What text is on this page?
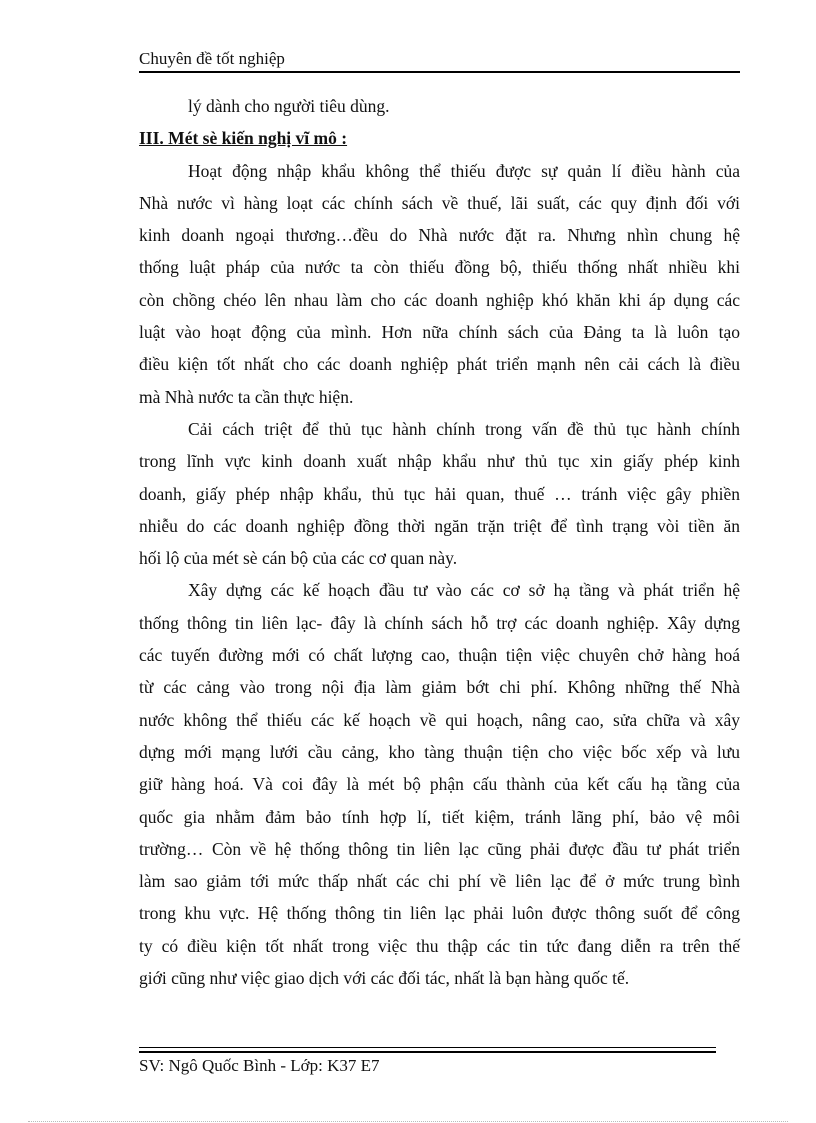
Chuyên đề tốt nghiệp
lý dành cho người tiêu dùng.
III. Mét sè kiến nghị vĩ mô :
Hoạt động nhập khẩu không thể thiếu được sự quản lí điều hành của
Nhà nước vì hàng loạt các chính sách về thuế, lãi suất, các quy định đối với
kinh doanh ngoại thương…đều do Nhà nước đặt ra. Nhưng nhìn chung hệ
thống luật pháp của nước ta còn thiếu đồng bộ, thiếu thống nhất nhiều khi
còn chồng chéo lên nhau làm cho các doanh nghiệp khó khăn khi áp dụng các
luật vào hoạt động của mình. Hơn nữa chính sách của Đảng ta là luôn tạo
điều kiện tốt nhất cho các doanh nghiệp phát triển mạnh nên cải cách là điều
mà Nhà nước ta cần thực hiện.
Cải cách triệt để thủ tục hành chính trong vấn đề thủ tục hành chính
trong lĩnh vực kinh doanh xuất nhập khẩu như thủ tục xin giấy phép kinh
doanh, giấy phép nhập khẩu, thủ tục hải quan, thuế … tránh việc gây phiền
nhiễu do các doanh nghiệp đồng thời ngăn trặn triệt để tình trạng vòi tiền ăn
hối lộ của mét sè cán bộ của các cơ quan này.
Xây dựng các kế hoạch đầu tư vào các cơ sở hạ tầng và phát triển hệ
thống thông tin liên lạc- đây là chính sách hỗ trợ các doanh nghiệp. Xây dựng
các tuyến đường mới có chất lượng cao, thuận tiện việc chuyên chở hàng hoá
từ các cảng vào trong nội địa làm giảm bớt chi phí. Không những thế Nhà
nước không thể thiếu các kế hoạch về qui hoạch, nâng cao, sửa chữa và xây
dựng mới mạng lưới cầu cảng, kho tàng thuận tiện cho việc bốc xếp và lưu
giữ hàng hoá. Và coi đây là mét bộ phận cấu thành của kết cấu hạ tầng của
quốc gia nhằm đảm bảo tính hợp lí, tiết kiệm, tránh lãng phí, bảo vệ môi
trường… Còn về hệ thống thông tin liên lạc cũng phải được đầu tư phát triển
làm sao giảm tới mức thấp nhất các chi phí về liên lạc để ở mức trung bình
trong khu vực. Hệ thống thông tin liên lạc phải luôn được thông suốt để công
ty có điều kiện tốt nhất trong việc thu thập các tin tức đang diễn ra trên thế
giới cũng như việc giao dịch với các đối tác, nhất là bạn hàng quốc tế.
SV: Ngô Quốc Bình - Lớp: K37 E7
